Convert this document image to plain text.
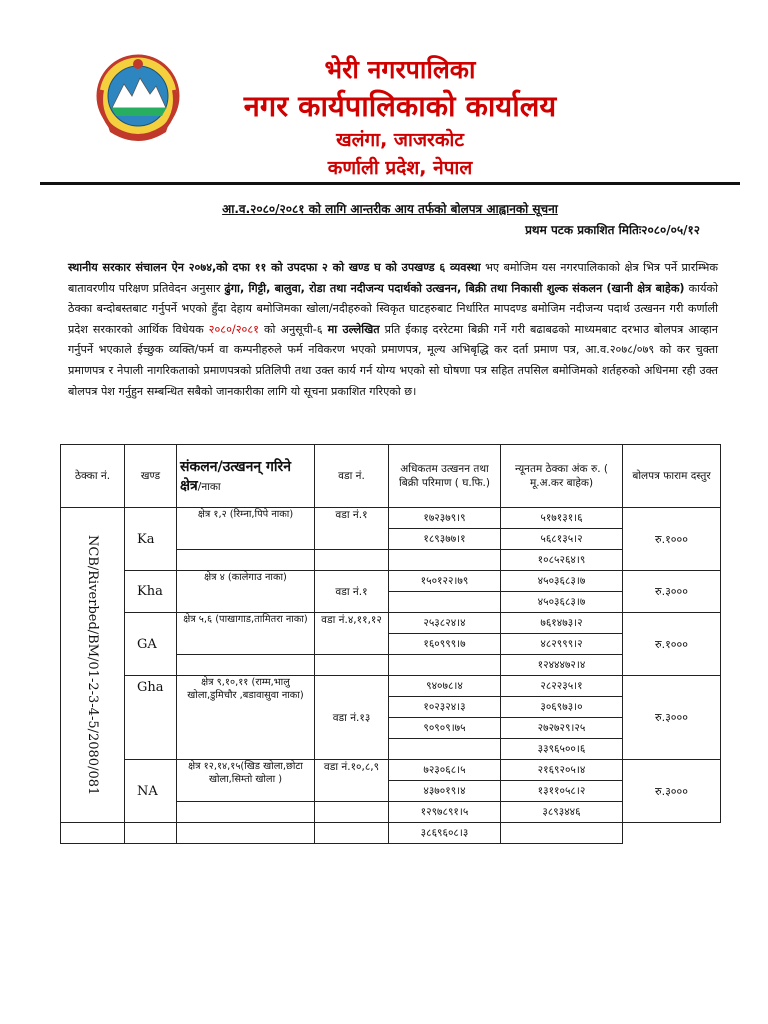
भेरी नगरपालिका
नगर कार्यपालिकाको कार्यालय
खलंगा, जाजरकोट
कर्णाली प्रदेश, नेपाल
आ.व.२०८०/२०८१ को लागि आन्तरीक आय तर्फको बोलपत्र आह्वानको सूचना
प्रथम पटक प्रकाशित मितिः२०८०/०५/१२
स्थानीय सरकार संचालन ऐन २०७४,को दफा ११ को उपदफा २ को खण्ड घ को उपखण्ड ६ व्यवस्था भए बमोजिम यस नगरपालिकाको क्षेत्र भित्र पर्ने प्रारम्भिक बातावरणीय परिक्षण प्रतिवेदन अनुसार ढुंगा, गिट्टी, बालुवा, रोडा तथा नदीजन्य पदार्थको उत्खनन, बिक्री तथा निकासी शुल्क संकलन (खानी क्षेत्र बाहेक) कार्यको ठेक्का बन्दोबस्तबाट गर्नुपर्ने भएकाे हुँदा देहाय बमोजिमका खोला/नदीहरुको स्विकृत घाटहरुबाट निर्धारित मापदण्ड बमोजिम नदीजन्य पदार्थ उत्खनन गरी कर्णाली प्रदेश सरकारको आर्थिक विधेयक २०८०/२०८१ को अनुसूची-६ मा उल्लेखित प्रति ईकाइ दररेटमा बिक्री गर्ने गरी बढाबढको माध्यमबाट दरभाउ बोलपत्र आव्हान गर्नुपर्ने भएकाले ईच्छुक व्यक्ति/फर्म वा कम्पनीहरुले फर्म नविकरण भएको प्रमाणपत्र, मूल्य अभिबृद्धि कर दर्ता प्रमाण पत्र, आ.व.२०७८/०७९ को कर चुक्ता प्रमाणपत्र र नेपाली नागरिकताको प्रमाणपत्रको प्रतिलिपी तथा उक्त कार्य गर्न योग्य भएको सो घोषणा पत्र सहित तपसिल बमोजिमको शर्तहरुको अधिनमा रही उक्त बोलपत्र पेश गर्नुहुन सम्बन्धित सबैको जानकारीका लागि यो सूचना प्रकाशित गरिएको छ।
ठेक्का नं.	खण्ड	संकलन/उत्खनन् गरिने क्षेत्र/नाका	वडा नं.	अधिकतम उत्खनन तथा बिक्री परिमाण ( घ.फि.)	न्यूनतम ठेक्का अंक रु. ( मू.अ.कर बाहेक)	बोलपत्र फाराम दस्तुर

NCB/Riverbed/BM/01-2-3-4-5/2080/081	Ka	क्षेत्र १,२ (रिम्ना,पिपे नाका)	वडा नं.१	१७२३७९।९	५१७१३१।६	रु.१०००
				१८९३७७।१	५६८१३५।२	
					१०८५२६४।९	
	Kha	क्षेत्र ४ (कालेगाउ नाका)	वडा नं.१	१५०१२२।७९	४५०३६८३।७	रु.३०००
					४५०३६८३।७	
	GA	क्षेत्र ५,६ (पाखागाड,तामितरा नाका)	वडा नं.४,११,१२	२५३८२४।४	७६१४७३।२	रु.१०००
				१६०९९९।७	४८२९९९।२	
					१२४४४७२।४	
	Gha	क्षेत्र ९,१०,११ (राम्म,भालु खोला,डुमिचौर ,बडावासुवा नाका)	वडा नं.१३	९४०७८।४	२८२२३५।१	रु.३०००
				१०२३२४।३	३०६९७३।०	
				९०९०९।७५	२७२७२९।२५	
					३३९६५००।६	
	NA	क्षेत्र १२,१४,१५(खिड खोला,छोटा खोला,सिम्तो खोला )	वडा नं.१०,८,९	७२३०६८।५	२१६९२०५।४	रु.३०००
				४३७०१९।४	१३११०५८।२	
				१२९७८९१।५	३८९३४४६	
				३८६९६०८।३		
